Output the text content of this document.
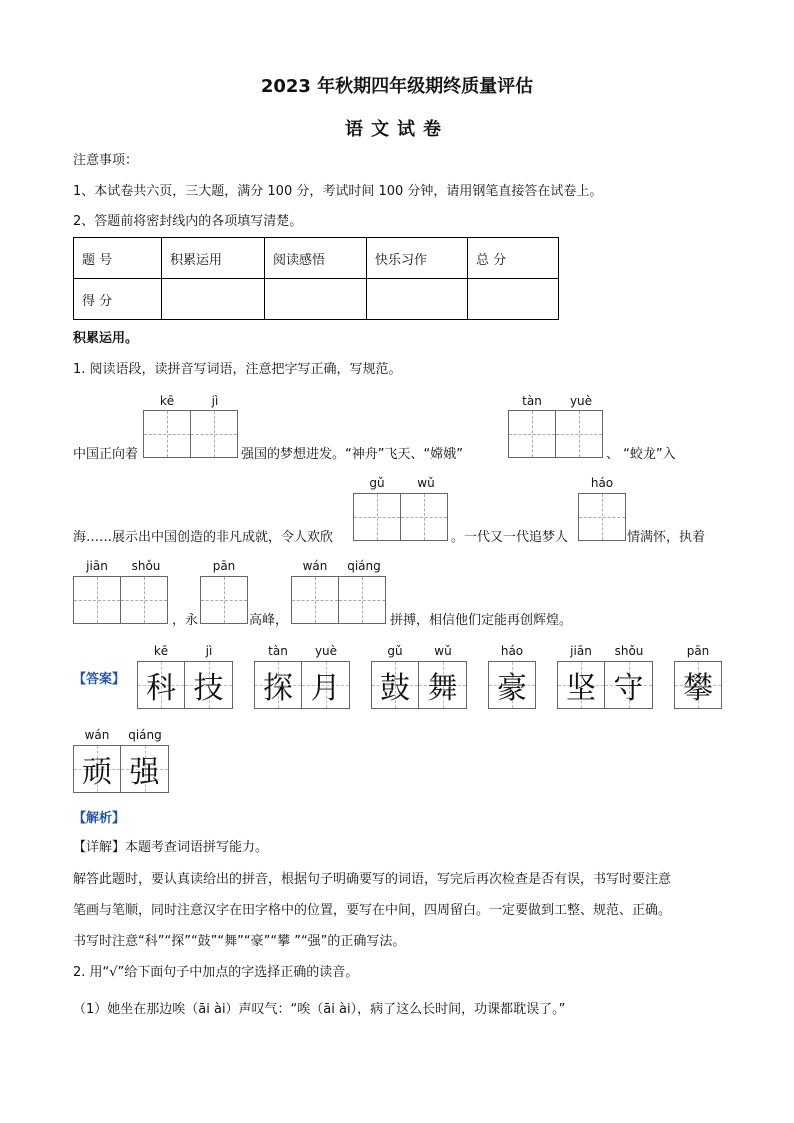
2023 年秋期四年级期终质量评估
语文试卷
注意事项：
1、本试卷共六页，三大题，满分 100 分，考试时间 100 分钟，请用钢笔直接答在试卷上。
2、答题前将密封线内的各项填写清楚。
题 号	积累运用	阅读感悟	快乐习作	总 分
得 分				
积累运用。
1. 阅读语段，读拼音写词语，注意把字写正确，写规范。
kē	jì	tàn	yuè
中国正向着	强国的梦想进发。“神舟”飞天、“嫦娥”	、 “蛟龙”入
gǔ	wǔ	háo
海……展示出中国创造的非凡成就，令人欢欣	。一代又一代追梦人	情满怀，执着
jiān	shǒu
，永
pān
高峰，
wán	qiáng
拼搏，相信他们定能再创辉煌。
【答案】
kē	jì
科 技
tàn	yuè
探 月
gǔ	wǔ
鼓 舞
háo
豪
jiān	shǒu
坚 守
pān
攀
wán	qiáng
顽 强
【解析】
【详解】本题考查词语拼写能力。
解答此题时，要认真读给出的拼音，根据句子明确要写的词语，写完后再次检查是否有误，书写时要注意
笔画与笔顺，同时注意汉字在田字格中的位置，要写在中间，四周留白。一定要做到工整、规范、正确。
书写时注意“科”“探”“鼓”“舞”“豪”“攀 ”“强”的正确写法。
2. 用“√”给下面句子中加点的字选择正确的读音。
（1）她坐在那边唉（āi ài）声叹气：“唉（āi ài），病了这么长时间，功课都耽误了。”
